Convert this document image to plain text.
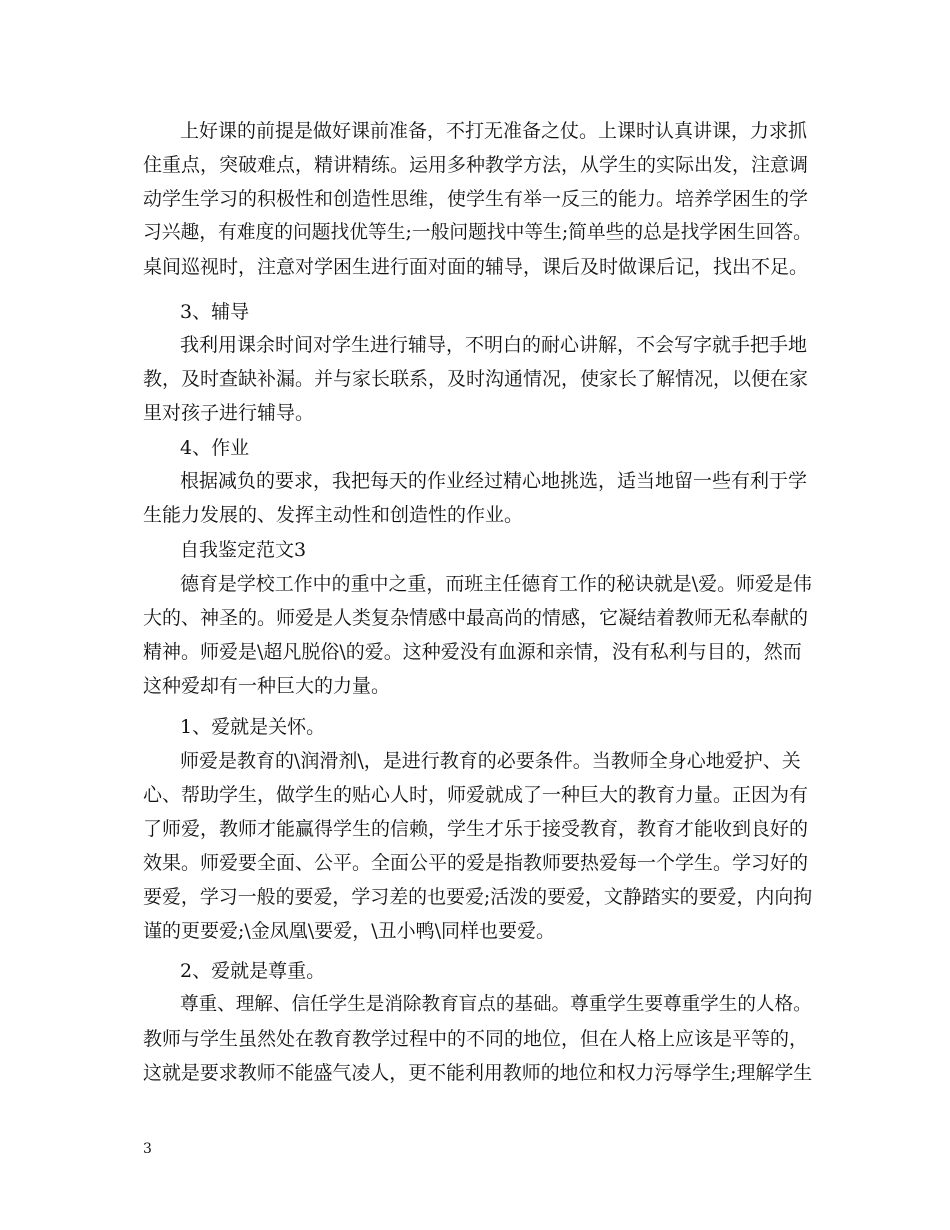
上好课的前提是做好课前准备，不打无准备之仗。上课时认真讲课，力求抓
住重点，突破难点，精讲精练。运用多种教学方法，从学生的实际出发，注意调
动学生学习的积极性和创造性思维，使学生有举一反三的能力。培养学困生的学
习兴趣，有难度的问题找优等生;一般问题找中等生;简单些的总是找学困生回答。
桌间巡视时，注意对学困生进行面对面的辅导，课后及时做课后记，找出不足。
3、辅导
我利用课余时间对学生进行辅导，不明白的耐心讲解，不会写字就手把手地
教，及时查缺补漏。并与家长联系，及时沟通情况，使家长了解情况，以便在家
里对孩子进行辅导。
4、作业
根据减负的要求，我把每天的作业经过精心地挑选，适当地留一些有利于学
生能力发展的、发挥主动性和创造性的作业。
自我鉴定范文3
德育是学校工作中的重中之重，而班主任德育工作的秘诀就是\爱。师爱是伟
大的、神圣的。师爱是人类复杂情感中最高尚的情感，它凝结着教师无私奉献的
精神。师爱是\超凡脱俗\的爱。这种爱没有血源和亲情，没有私利与目的，然而
这种爱却有一种巨大的力量。
1、爱就是关怀。
师爱是教育的\润滑剂\，是进行教育的必要条件。当教师全身心地爱护、关
心、帮助学生，做学生的贴心人时，师爱就成了一种巨大的教育力量。正因为有
了师爱，教师才能赢得学生的信赖，学生才乐于接受教育，教育才能收到良好的
效果。师爱要全面、公平。全面公平的爱是指教师要热爱每一个学生。学习好的
要爱，学习一般的要爱，学习差的也要爱;活泼的要爱，文静踏实的要爱，内向拘
谨的更要爱;\金凤凰\要爱，\丑小鸭\同样也要爱。
2、爱就是尊重。
尊重、理解、信任学生是消除教育盲点的基础。尊重学生要尊重学生的人格。
教师与学生虽然处在教育教学过程中的不同的地位，但在人格上应该是平等的，
这就是要求教师不能盛气凌人，更不能利用教师的地位和权力污辱学生;理解学生
3
